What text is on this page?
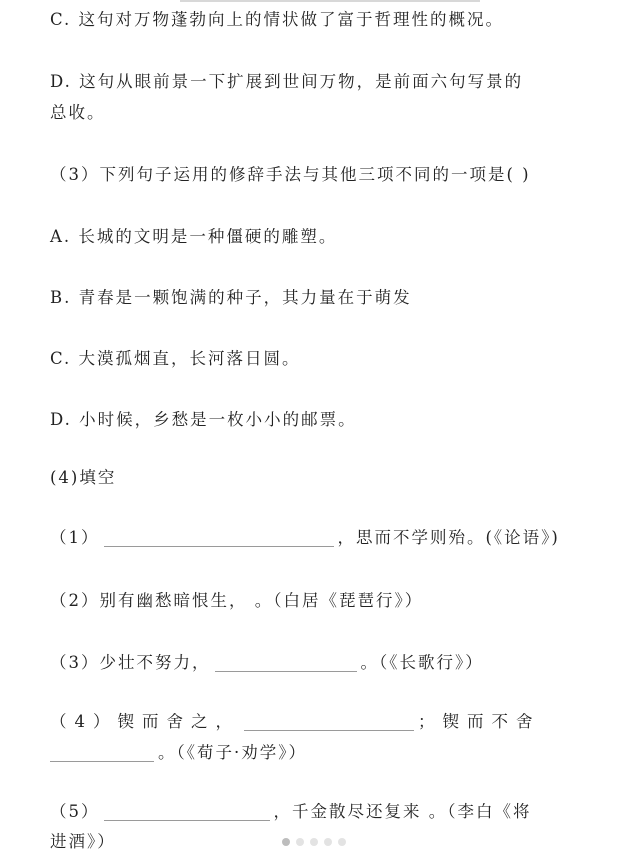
C. 这句对万物蓬勃向上的情状做了富于哲理性的概况。
D. 这句从眼前景一下扩展到世间万物，是前面六句写景的
总收。
（3）下列句子运用的修辞手法与其他三项不同的一项是( )
A. 长城的文明是一种僵硬的雕塑。
B. 青春是一颗饱满的种子，其力量在于萌发
C. 大漠孤烟直，长河落日圆。
D. 小时候，乡愁是一枚小小的邮票。
(4)填空
（1）	，思而不学则殆。(《论语》)
（2）别有幽愁暗恨生， 。（白居《琵琶行》）
（3）少壮不努力，	。（《长歌行》）
（4）锲而舍之，	；锲而不舍
。（《荀子·劝学》）
（5）	，千金散尽还复来 。（李白《将
进酒》）
